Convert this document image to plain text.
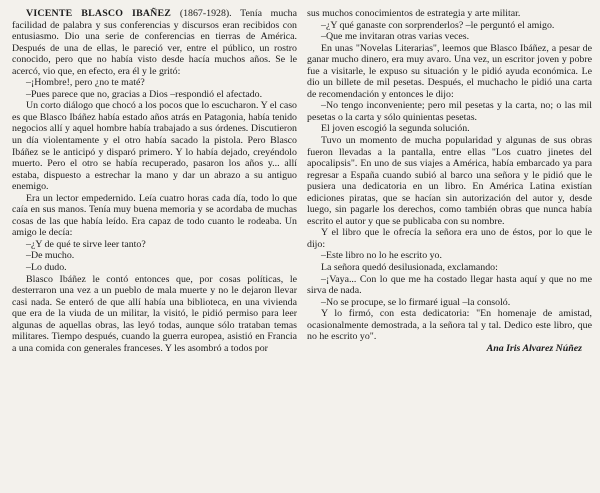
VICENTE BLASCO IBAÑEZ (1867-1928). Tenía mucha facilidad de palabra y sus conferencias y discursos eran recibidos con entusiasmo. Dio una serie de conferencias en tierras de América. Después de una de ellas, le pareció ver, entre el público, un rostro conocido, pero que no había visto desde hacía muchos años. Se le acercó, vio que, en efecto, era él y le gritó:

–¡Hombre!, pero ¿no te maté?

–Pues parece que no, gracias a Dios –respondió el afectado.

Un corto diálogo que chocó a los pocos que lo escucharon. Y el caso es que Blasco Ibáñez había estado años atrás en Patagonia, había tenido negocios allí y aquel hombre había trabajado a sus órdenes. Discutieron un día violentamente y el otro había sacado la pistola. Pero Blasco Ibáñez se le anticipó y disparó primero. Y lo había dejado, creyéndolo muerto. Pero el otro se había recuperado, pasaron los años y... allí estaba, dispuesto a estrechar la mano y dar un abrazo a su antiguo enemigo.

Era un lector empedernido. Leía cuatro horas cada día, todo lo que caía en sus manos. Tenía muy buena memoria y se acordaba de muchas cosas de las que había leído. Era capaz de todo cuanto le rodeaba. Un amigo le decía:

–¿Y de qué te sirve leer tanto?

–De mucho.

–Lo dudo.

Blasco Ibáñez le contó entonces que, por cosas políticas, le desterraron una vez a un pueblo de mala muerte y no le dejaron llevar casi nada. Se enteró de que allí había una biblioteca, en una vivienda que era de la viuda de un militar, la visitó, le pidió permiso para leer algunas de aquellas obras, las leyó todas, aunque sólo trataban temas militares. Tiempo después, cuando la guerra europea, asistió en Francia a una comida con generales franceses. Y les asombró a todos por

sus muchos conocimientos de estrategia y arte militar.

–¿Y qué ganaste con sorprenderlos? –le perguntó el amigo.

–Que me invitaran otras varias veces.

En unas "Novelas Literarias", leemos que Blasco Ibáñez, a pesar de ganar mucho dinero, era muy avaro. Una vez, un escritor joven y pobre fue a visitarle, le expuso su situación y le pidió ayuda económica. Le dio un billete de mil pesetas. Después, el muchacho le pidió una carta de recomendación y entonces le dijo:

–No tengo inconveniente; pero mil pesetas y la carta, no; o las mil pesetas o la carta y sólo quinientas pesetas.

El joven escogió la segunda solución.

Tuvo un momento de mucha popularidad y algunas de sus obras fueron llevadas a la pantalla, entre ellas "Los cuatro jinetes del apocalipsis". En uno de sus viajes a América, había embarcado ya para regresar a España cuando subió al barco una señora y le pidió que le pusiera una dedicatoria en un libro. En América Latina existían ediciones piratas, que se hacían sin autorización del autor y, desde luego, sin pagarle los derechos, como también obras que nunca había escrito el autor y que se publicaba con su nombre.

Y el libro que le ofrecía la señora era uno de éstos, por lo que le dijo:

–Este libro no lo he escrito yo.

La señora quedó desilusionada, exclamando:

–¡Vaya... Con lo que me ha costado llegar hasta aquí y que no me sirva de nada.

–No se procupe, se lo firmaré igual –la consoló.

Y lo firmó, con esta dedicatoria: "En homenaje de amistad, ocasionalmente demostrada, a la señora tal y tal. Dedico este libro, que no he escrito yo".

Ana Iris Alvarez Núñez
